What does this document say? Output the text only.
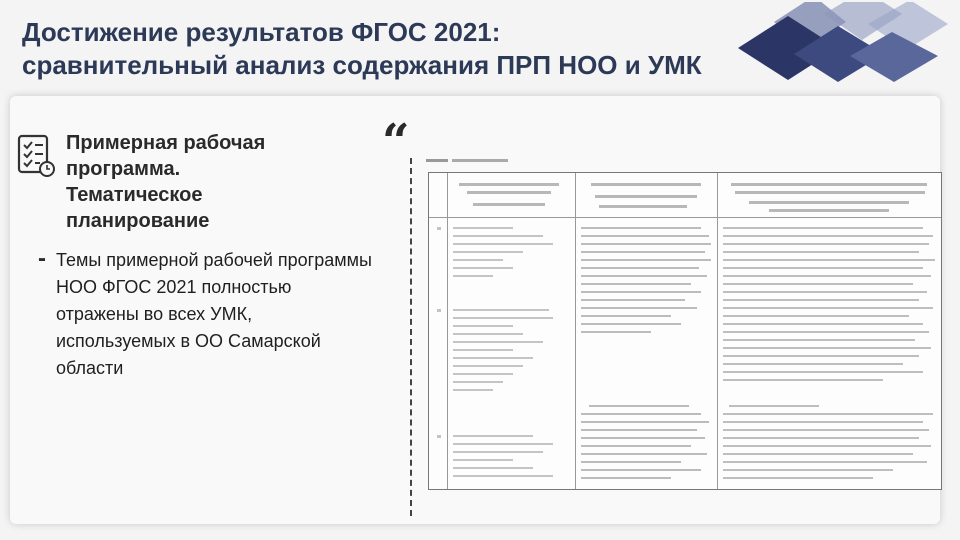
Достижение результатов ФГОС 2021:
сравнительный анализ содержания ПРП НОО и УМК
Примерная рабочая
программа.
Тематическое
планирование
- Темы примерной рабочей программы НОО ФГОС 2021 полностью отражены во всех УМК, используемых в ОО Самарской области
“
